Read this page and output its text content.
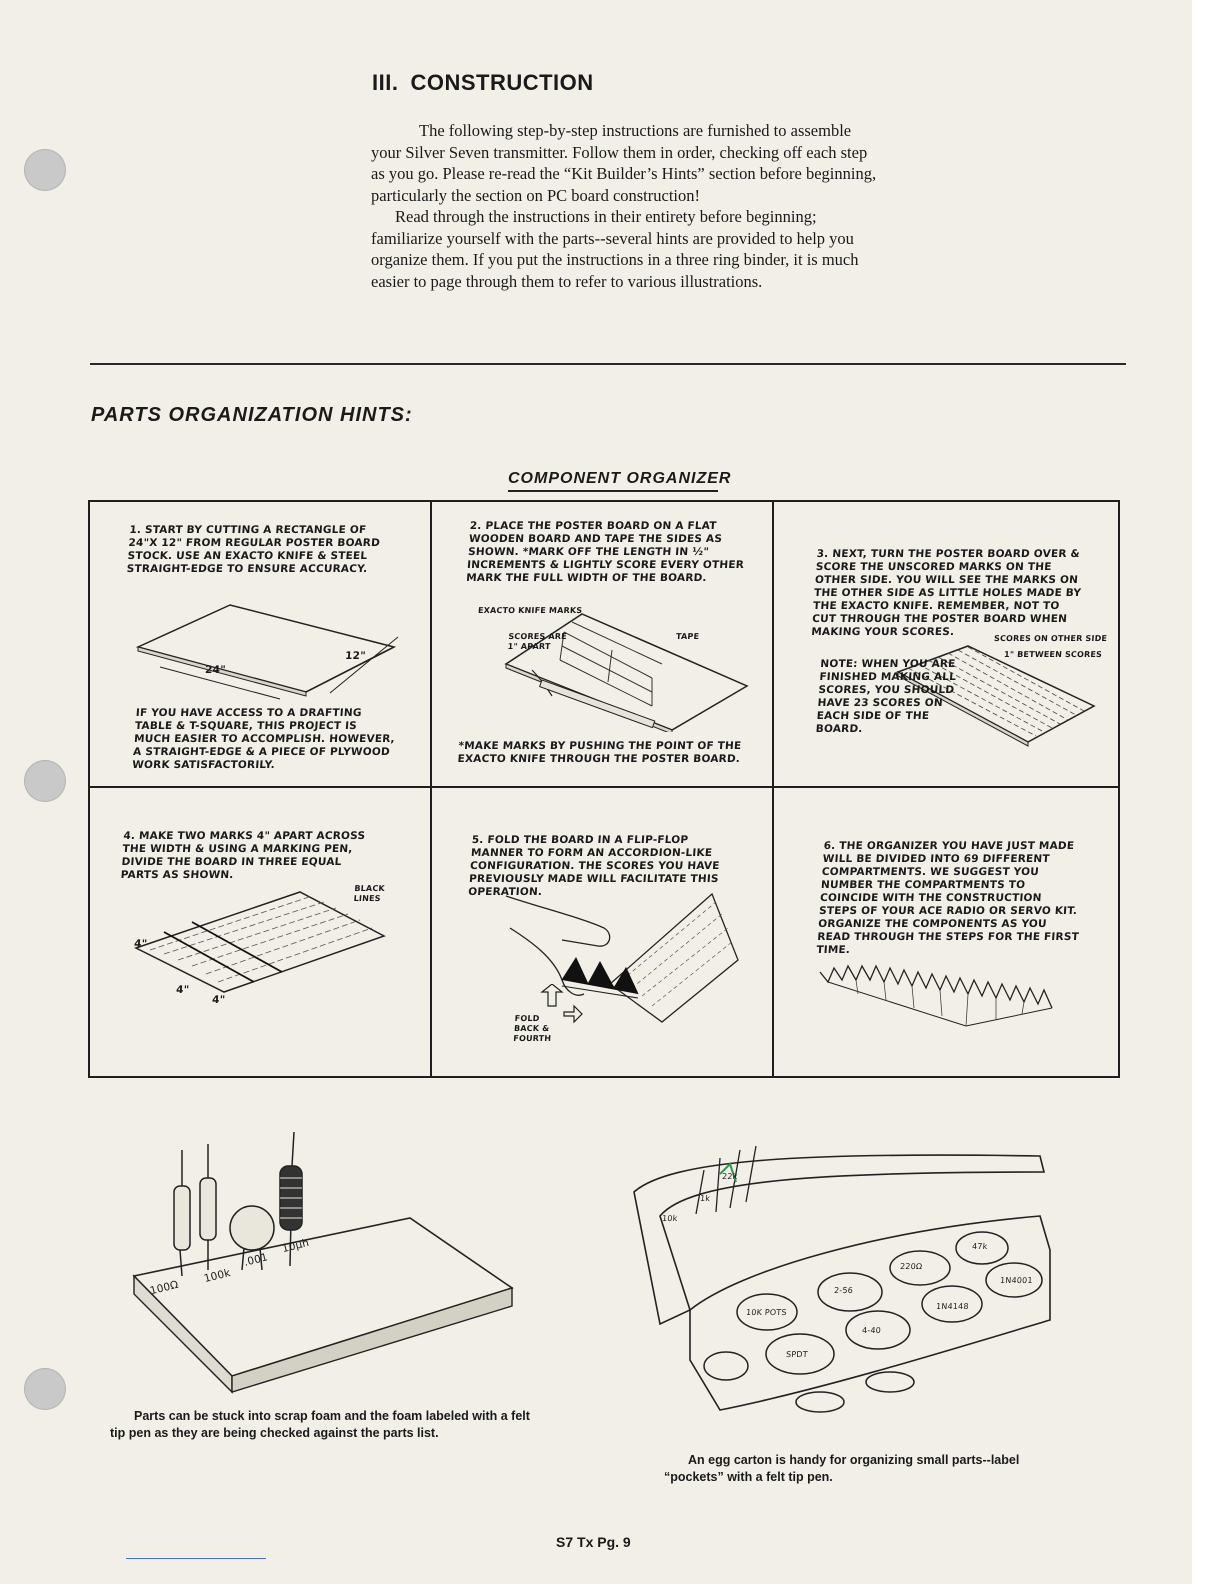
III. CONSTRUCTION

The following step-by-step instructions are furnished to assemble your Silver Seven transmitter. Follow them in order, checking off each step as you go. Please re-read the “Kit Builder’s Hints” section before beginning, particularly the section on PC board construction!

Read through the instructions in their entirety before beginning; familiarize yourself with the parts--several hints are provided to help you organize them. If you put the instructions in a three ring binder, it is much easier to page through them to refer to various illustrations.

PARTS ORGANIZATION HINTS:
COMPONENT ORGANIZER

1. START BY CUTTING A RECTANGLE OF 24"X 12" FROM REGULAR POSTER BOARD STOCK. USE AN EXACTO KNIFE & STEEL STRAIGHT-EDGE TO ENSURE ACCURACY.

24"
12"

IF YOU HAVE ACCESS TO A DRAFTING TABLE & T-SQUARE, THIS PROJECT IS MUCH EASIER TO ACCOMPLISH. HOWEVER, A STRAIGHT-EDGE & A PIECE OF PLYWOOD WORK SATISFACTORILY.

2. PLACE THE POSTER BOARD ON A FLAT WOODEN BOARD AND TAPE THE SIDES AS SHOWN. *MARK OFF THE LENGTH IN ½" INCREMENTS & LIGHTLY SCORE EVERY OTHER MARK THE FULL WIDTH OF THE BOARD.

EXACTO KNIFE MARKS
SCORES ARE 1" APART
TAPE

*MAKE MARKS BY PUSHING THE POINT OF THE EXACTO KNIFE THROUGH THE POSTER BOARD.

3. NEXT, TURN THE POSTER BOARD OVER & SCORE THE UNSCORED MARKS ON THE OTHER SIDE. YOU WILL SEE THE MARKS ON THE OTHER SIDE AS LITTLE HOLES MADE BY THE EXACTO KNIFE. REMEMBER, NOT TO CUT THROUGH THE POSTER BOARD WHEN MAKING YOUR SCORES.

SCORES ON OTHER SIDE
1" BETWEEN SCORES

NOTE: WHEN YOU ARE FINISHED MAKING ALL SCORES, YOU SHOULD HAVE 23 SCORES ON EACH SIDE OF THE BOARD.

4. MAKE TWO MARKS 4" APART ACROSS THE WIDTH & USING A MARKING PEN, DIVIDE THE BOARD IN THREE EQUAL PARTS AS SHOWN.

BLACK LINES
4"
4"
4"

5. FOLD THE BOARD IN A FLIP-FLOP MANNER TO FORM AN ACCORDION-LIKE CONFIGURATION. THE SCORES YOU HAVE PREVIOUSLY MADE WILL FACILITATE THIS OPERATION.

FOLD BACK & FOURTH

6. THE ORGANIZER YOU HAVE JUST MADE WILL BE DIVIDED INTO 69 DIFFERENT COMPARTMENTS. WE SUGGEST YOU NUMBER THE COMPARTMENTS TO COINCIDE WITH THE CONSTRUCTION STEPS OF YOUR ACE RADIO OR SERVO KIT. ORGANIZE THE COMPONENTS AS YOU READ THROUGH THE STEPS FOR THE FIRST TIME.

100Ω
100k
.001
10µh

Parts can be stuck into scrap foam and the foam labeled with a felt tip pen as they are being checked against the parts list.

10K POTS
2-56
SPDT
4-40
1N4148
220Ω
1N4001
47k
10k
1k
22k

An egg carton is handy for organizing small parts--label “pockets” with a felt tip pen.

S7 Tx Pg. 9
